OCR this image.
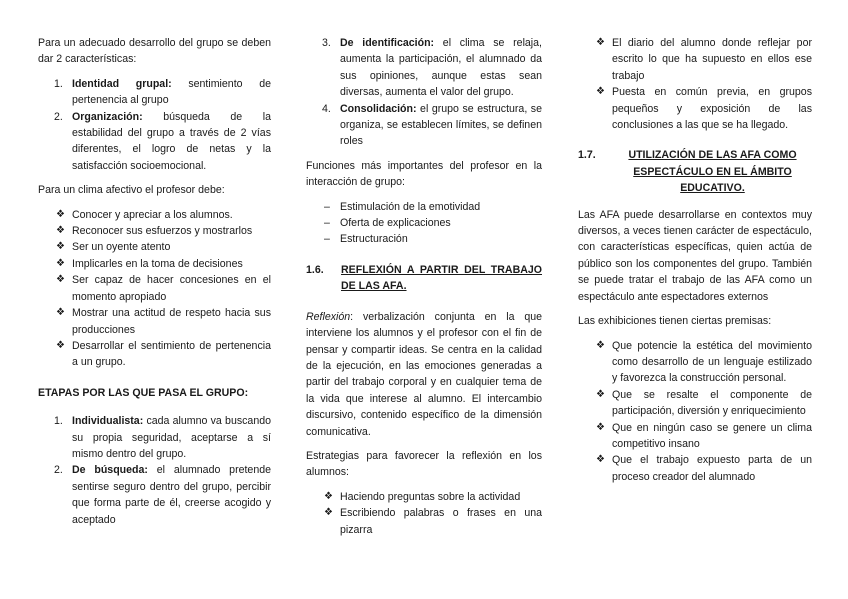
Para un adecuado desarrollo del grupo se deben dar 2 características:

1. Identidad grupal: sentimiento de pertenencia al grupo
2. Organización: búsqueda de la estabilidad del grupo a través de 2 vías diferentes, el logro de netas y la satisfacción socioemocional.

Para un clima afectivo el profesor debe:

❖ Conocer y apreciar a los alumnos.
❖ Reconocer sus esfuerzos y mostrarlos
❖ Ser un oyente atento
❖ Implicarles en la toma de decisiones
❖ Ser capaz de hacer concesiones en el momento apropiado
❖ Mostrar una actitud de respeto hacia sus producciones
❖ Desarrollar el sentimiento de pertenencia a un grupo.

ETAPAS POR LAS QUE PASA EL GRUPO:

1. Individualista: cada alumno va buscando su propia seguridad, aceptarse a sí mismo dentro del grupo.
2. De búsqueda: el alumnado pretende sentirse seguro dentro del grupo, percibir que forma parte de él, creerse acogido y aceptado
3. De identificación: el clima se relaja, aumenta la participación, el alumnado da sus opiniones, aunque estas sean diversas, aumenta el valor del grupo.
4. Consolidación: el grupo se estructura, se organiza, se establecen límites, se definen roles

Funciones más importantes del profesor en la interacción de grupo:

– Estimulación de la emotividad
– Oferta de explicaciones
– Estructuración
1.6.	REFLEXIÓN A PARTIR DEL TRABAJO DE LAS AFA.

Reflexión: verbalización conjunta en la que interviene los alumnos y el profesor con el fin de pensar y compartir ideas. Se centra en la calidad de la ejecución, en las emociones generadas a partir del trabajo corporal y en cualquier tema de la vida que interese al alumno. El intercambio discursivo, contenido específico de la dimensión comunicativa.

Estrategias para favorecer la reflexión en los alumnos:

❖ Haciendo preguntas sobre la actividad
❖ Escribiendo palabras o frases en una pizarra
❖ El diario del alumno donde reflejar por escrito lo que ha supuesto en ellos ese trabajo
❖ Puesta en común previa, en grupos pequeños y exposición de las conclusiones a las que se ha llegado.
1.7.	UTILIZACIÓN DE LAS AFA COMO ESPECTÁCULO EN EL ÁMBITO EDUCATIVO.

Las AFA puede desarrollarse en contextos muy diversos, a veces tienen carácter de espectáculo, con características específicas, quien actúa de público son los componentes del grupo. También se puede tratar el trabajo de las AFA como un espectáculo ante espectadores externos

Las exhibiciones tienen ciertas premisas:

❖ Que potencie la estética del movimiento como desarrollo de un lenguaje estilizado y favorezca la construcción personal.
❖ Que se resalte el componente de participación, diversión y enriquecimiento
❖ Que en ningún caso se genere un clima competitivo insano
❖ Que el trabajo expuesto parta de un proceso creador del alumnado
